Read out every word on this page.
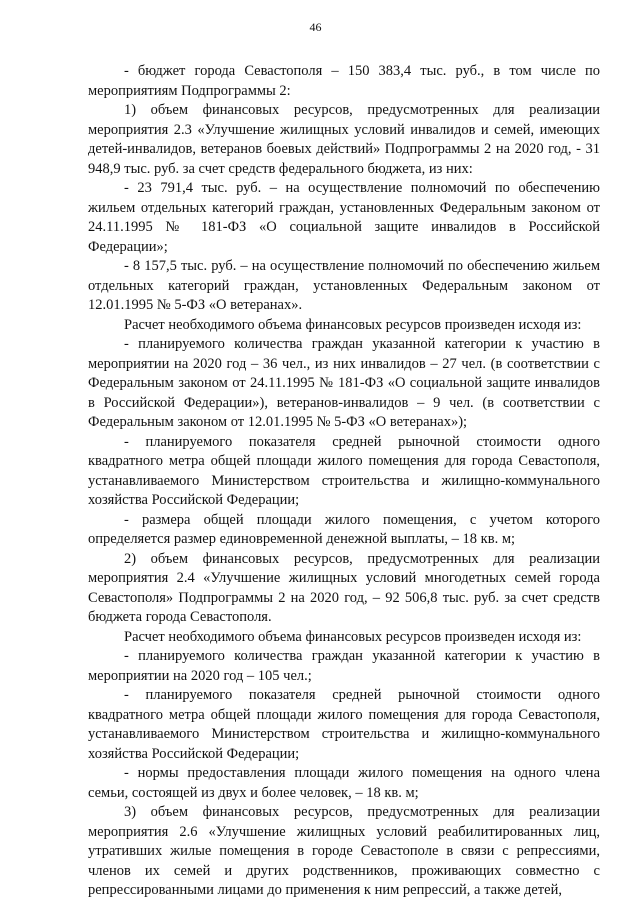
46

- бюджет города Севастополя – 150 383,4 тыс. руб., в том числе по мероприятиям Подпрограммы 2:

1) объем финансовых ресурсов, предусмотренных для реализации мероприятия 2.3 «Улучшение жилищных условий инвалидов и семей, имеющих детей-инвалидов, ветеранов боевых действий» Подпрограммы 2 на 2020 год, - 31 948,9 тыс. руб. за счет средств федерального бюджета, из них:

- 23 791,4 тыс. руб. – на осуществление полномочий по обеспечению жильем отдельных категорий граждан, установленных Федеральным законом от 24.11.1995 № 181-ФЗ «О социальной защите инвалидов в Российской Федерации»;

- 8 157,5 тыс. руб. – на осуществление полномочий по обеспечению жильем отдельных категорий граждан, установленных Федеральным законом от 12.01.1995 № 5-ФЗ «О ветеранах».

Расчет необходимого объема финансовых ресурсов произведен исходя из:

- планируемого количества граждан указанной категории к участию в мероприятии на 2020 год – 36 чел., из них инвалидов – 27 чел. (в соответствии с Федеральным законом от 24.11.1995 № 181-ФЗ «О социальной защите инвалидов в Российской Федерации»), ветеранов-инвалидов – 9 чел. (в соответствии с Федеральным законом от 12.01.1995 № 5-ФЗ «О ветеранах»);

- планируемого показателя средней рыночной стоимости одного квадратного метра общей площади жилого помещения для города Севастополя, устанавливаемого Министерством строительства и жилищно-коммунального хозяйства Российской Федерации;

- размера общей площади жилого помещения, с учетом которого определяется размер единовременной денежной выплаты, – 18 кв. м;

2) объем финансовых ресурсов, предусмотренных для реализации мероприятия 2.4 «Улучшение жилищных условий многодетных семей города Севастополя» Подпрограммы 2 на 2020 год, – 92 506,8 тыс. руб. за счет средств бюджета города Севастополя.

Расчет необходимого объема финансовых ресурсов произведен исходя из:

- планируемого количества граждан указанной категории к участию в мероприятии на 2020 год – 105 чел.;

- планируемого показателя средней рыночной стоимости одного квадратного метра общей площади жилого помещения для города Севастополя, устанавливаемого Министерством строительства и жилищно-коммунального хозяйства Российской Федерации;

- нормы предоставления площади жилого помещения на одного члена семьи, состоящей из двух и более человек, – 18 кв. м;

3) объем финансовых ресурсов, предусмотренных для реализации мероприятия 2.6 «Улучшение жилищных условий реабилитированных лиц, утративших жилые помещения в городе Севастополе в связи с репрессиями, членов их семей и других родственников, проживающих совместно с репрессированными лицами до применения к ним репрессий, а также детей,
